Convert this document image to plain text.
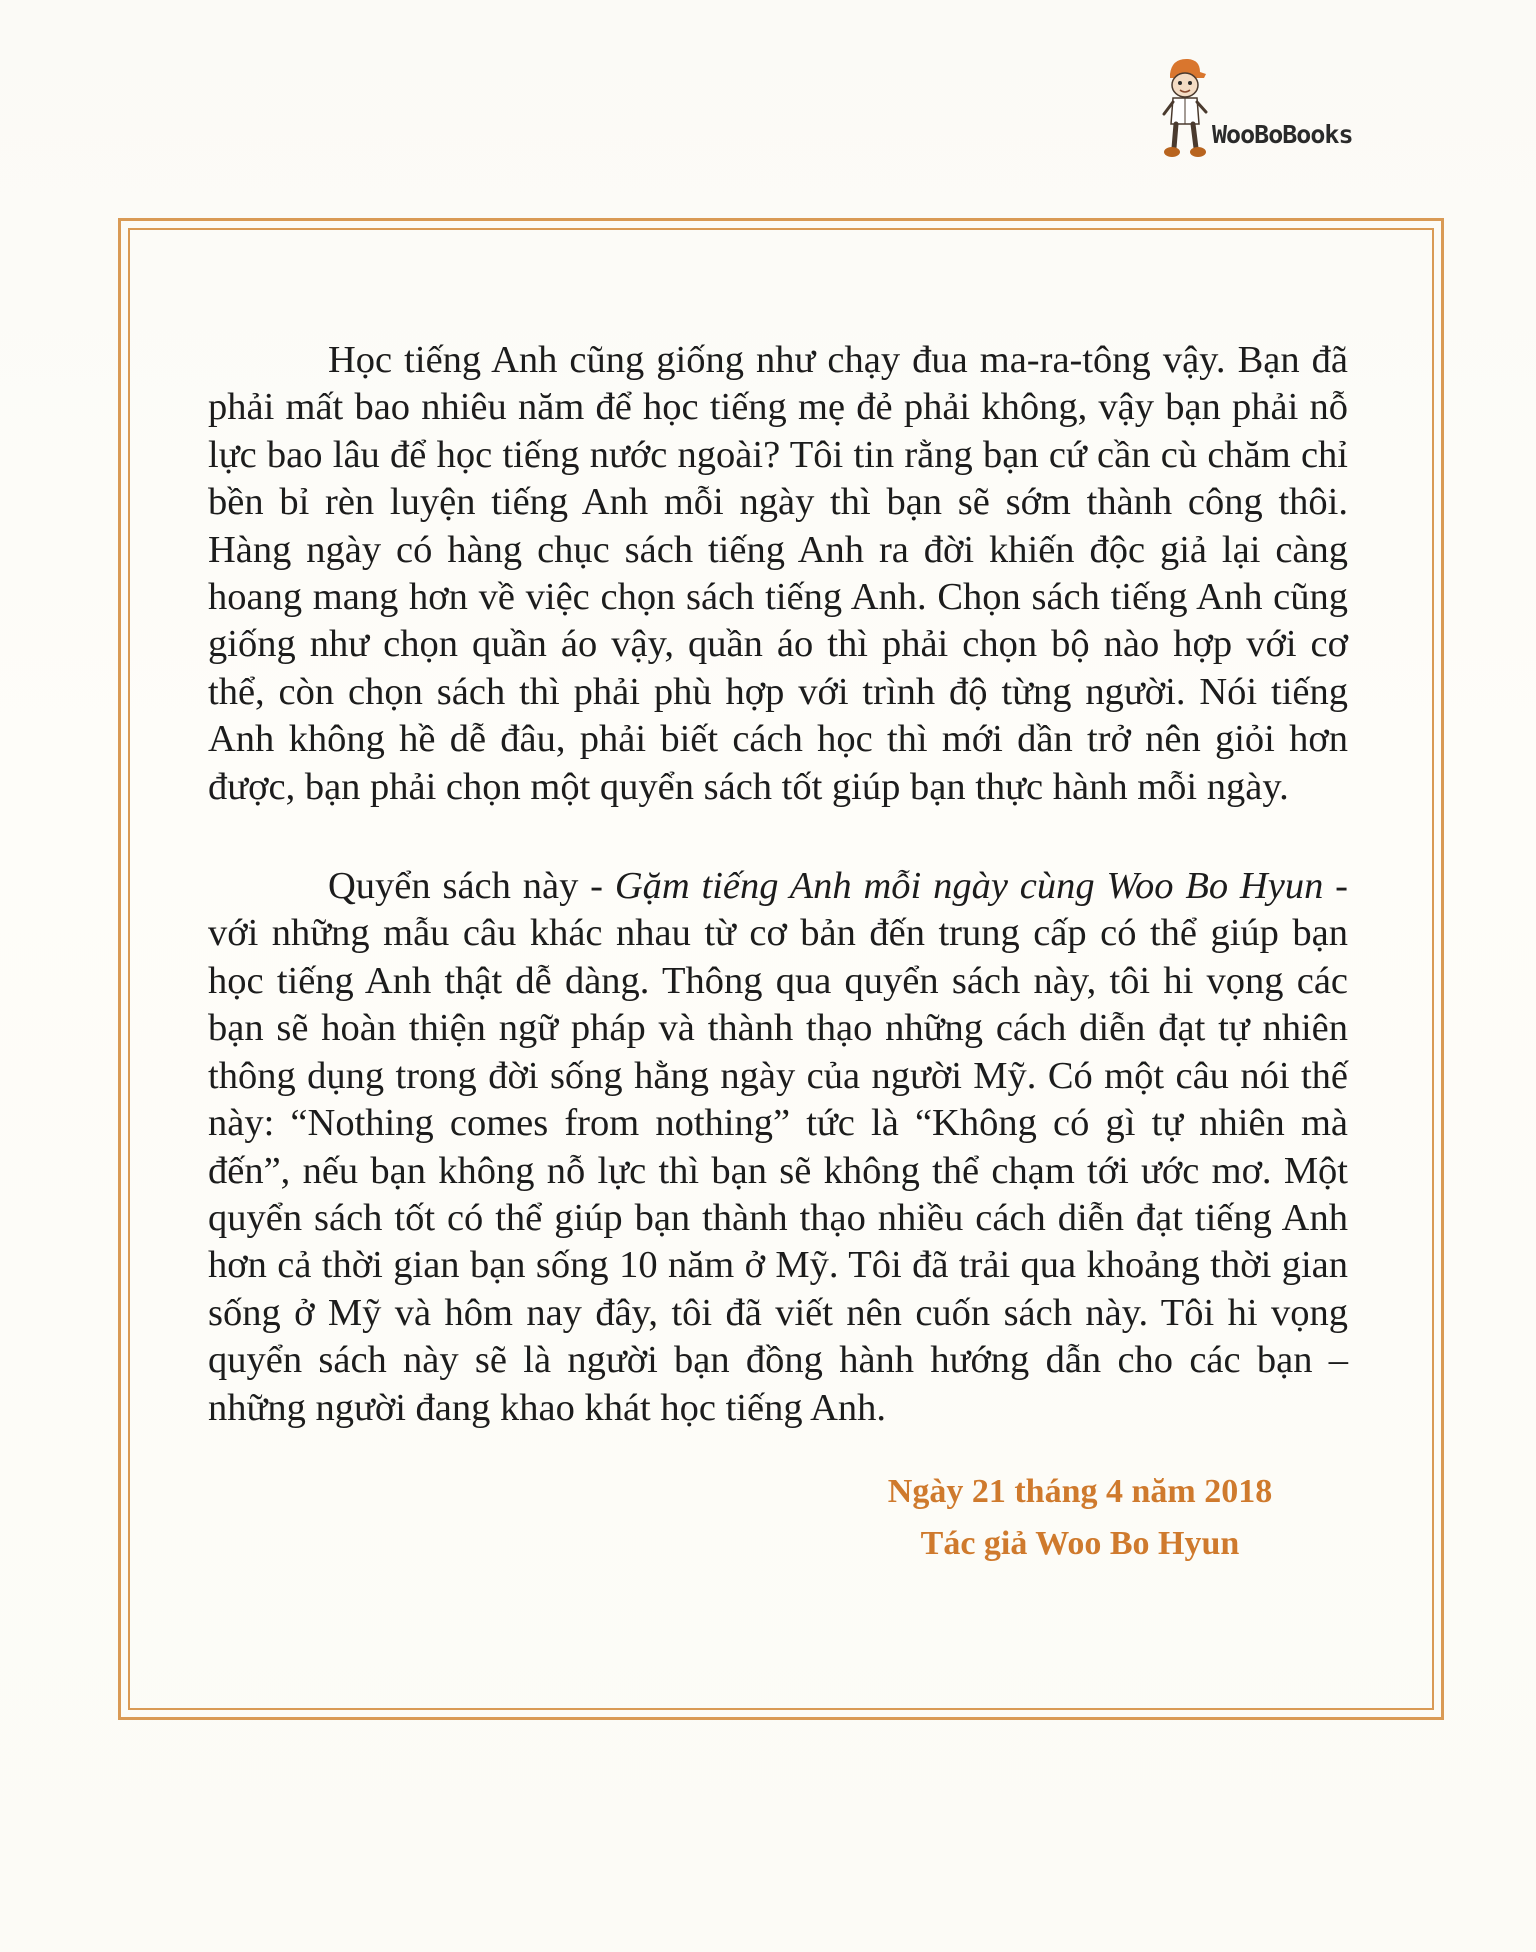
WooBoBooks

Học tiếng Anh cũng giống như chạy đua ma-ra-tông vậy. Bạn đã phải mất bao nhiêu năm để học tiếng mẹ đẻ phải không, vậy bạn phải nỗ lực bao lâu để học tiếng nước ngoài? Tôi tin rằng bạn cứ cần cù chăm chỉ bền bỉ rèn luyện tiếng Anh mỗi ngày thì bạn sẽ sớm thành công thôi. Hàng ngày có hàng chục sách tiếng Anh ra đời khiến độc giả lại càng hoang mang hơn về việc chọn sách tiếng Anh. Chọn sách tiếng Anh cũng giống như chọn quần áo vậy, quần áo thì phải chọn bộ nào hợp với cơ thể, còn chọn sách thì phải phù hợp với trình độ từng người. Nói tiếng Anh không hề dễ đâu, phải biết cách học thì mới dần trở nên giỏi hơn được, bạn phải chọn một quyển sách tốt giúp bạn thực hành mỗi ngày.

Quyển sách này - Gặm tiếng Anh mỗi ngày cùng Woo Bo Hyun - với những mẫu câu khác nhau từ cơ bản đến trung cấp có thể giúp bạn học tiếng Anh thật dễ dàng. Thông qua quyển sách này, tôi hi vọng các bạn sẽ hoàn thiện ngữ pháp và thành thạo những cách diễn đạt tự nhiên thông dụng trong đời sống hằng ngày của người Mỹ. Có một câu nói thế này: “Nothing comes from nothing” tức là “Không có gì tự nhiên mà đến”, nếu bạn không nỗ lực thì bạn sẽ không thể chạm tới ước mơ. Một quyển sách tốt có thể giúp bạn thành thạo nhiều cách diễn đạt tiếng Anh hơn cả thời gian bạn sống 10 năm ở Mỹ. Tôi đã trải qua khoảng thời gian sống ở Mỹ và hôm nay đây, tôi đã viết nên cuốn sách này. Tôi hi vọng quyển sách này sẽ là người bạn đồng hành hướng dẫn cho các bạn – những người đang khao khát học tiếng Anh.

Ngày 21 tháng 4 năm 2018
Tác giả Woo Bo Hyun
